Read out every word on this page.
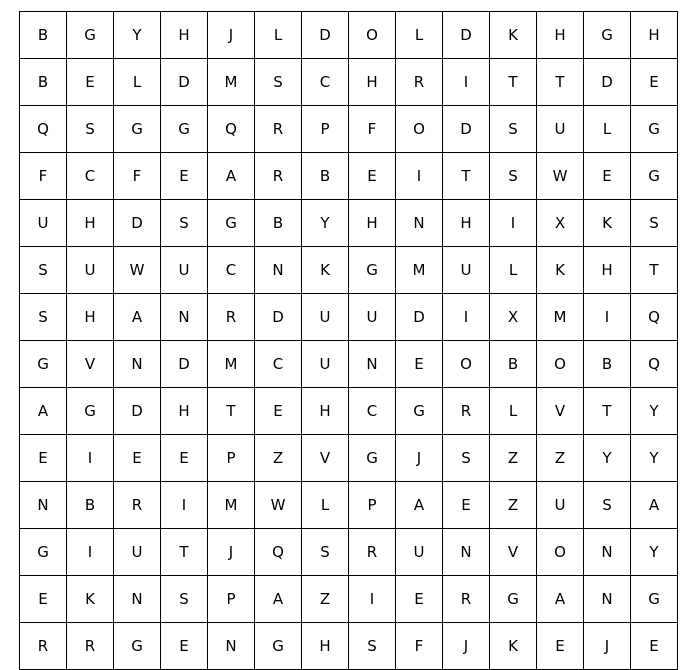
B	G	Y	H	J	L	D	O	L	D	K	H	G	H
B	E	L	D	M	S	C	H	R	I	T	T	D	E
Q	S	G	G	Q	R	P	F	O	D	S	U	L	G
F	C	F	E	A	R	B	E	I	T	S	W	E	G
U	H	D	S	G	B	Y	H	N	H	I	X	K	S
S	U	W	U	C	N	K	G	M	U	L	K	H	T
S	H	A	N	R	D	U	U	D	I	X	M	I	Q
G	V	N	D	M	C	U	N	E	O	B	O	B	Q
A	G	D	H	T	E	H	C	G	R	L	V	T	Y
E	I	E	E	P	Z	V	G	J	S	Z	Z	Y	Y
N	B	R	I	M	W	L	P	A	E	Z	U	S	A
G	I	U	T	J	Q	S	R	U	N	V	O	N	Y
E	K	N	S	P	A	Z	I	E	R	G	A	N	G
R	R	G	E	N	G	H	S	F	J	K	E	J	E
